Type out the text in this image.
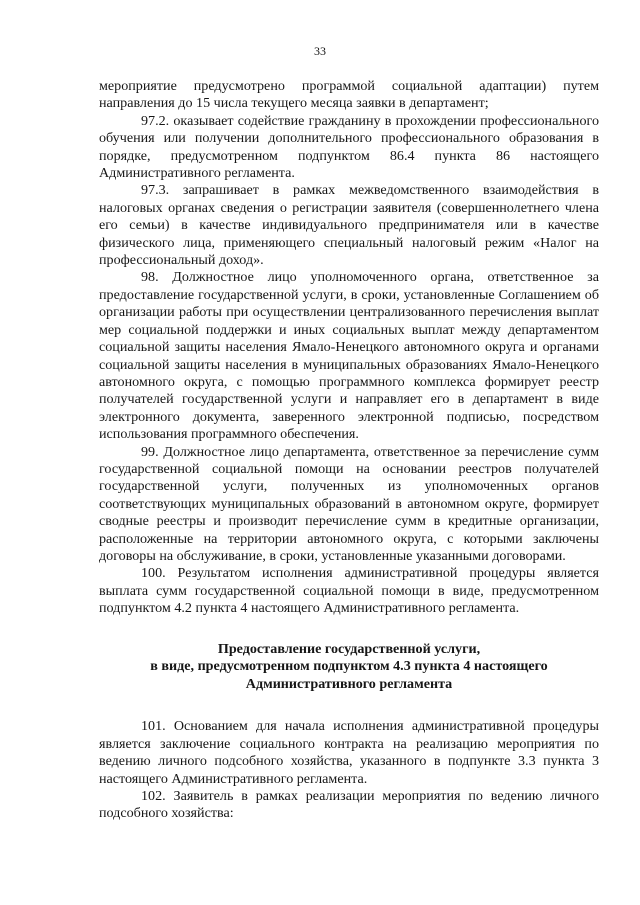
33

мероприятие предусмотрено программой социальной адаптации) путем направления до 15 числа текущего месяца заявки в департамент;

97.2. оказывает содействие гражданину в прохождении профессионального обучения или получении дополнительного профессионального образования в порядке, предусмотренном подпунктом 86.4 пункта 86 настоящего Административного регламента.

97.3. запрашивает в рамках межведомственного взаимодействия в налоговых органах сведения о регистрации заявителя (совершеннолетнего члена его семьи) в качестве индивидуального предпринимателя или в качестве физического лица, применяющего специальный налоговый режим «Налог на профессиональный доход».

98. Должностное лицо уполномоченного органа, ответственное за предоставление государственной услуги, в сроки, установленные Соглашением об организации работы при осуществлении централизованного перечисления выплат мер социальной поддержки и иных социальных выплат между департаментом социальной защиты населения Ямало-Ненецкого автономного округа и органами социальной защиты населения в муниципальных образованиях Ямало-Ненецкого автономного округа, с помощью программного комплекса формирует реестр получателей государственной услуги и направляет его в департамент в виде электронного документа, заверенного электронной подписью, посредством использования программного обеспечения.

99. Должностное лицо департамента, ответственное за перечисление сумм государственной социальной помощи на основании реестров получателей государственной услуги, полученных из уполномоченных органов соответствующих муниципальных образований в автономном округе, формирует сводные реестры и производит перечисление сумм в кредитные организации, расположенные на территории автономного округа, с которыми заключены договоры на обслуживание, в сроки, установленные указанными договорами.

100. Результатом исполнения административной процедуры является выплата сумм государственной социальной помощи в виде, предусмотренном подпунктом 4.2 пункта 4 настоящего Административного регламента.

Предоставление государственной услуги,
в виде, предусмотренном подпунктом 4.3 пункта 4 настоящего
Административного регламента

101. Основанием для начала исполнения административной процедуры является заключение социального контракта на реализацию мероприятия по ведению личного подсобного хозяйства, указанного в подпункте 3.3 пункта 3 настоящего Административного регламента.

102. Заявитель в рамках реализации мероприятия по ведению личного подсобного хозяйства:
